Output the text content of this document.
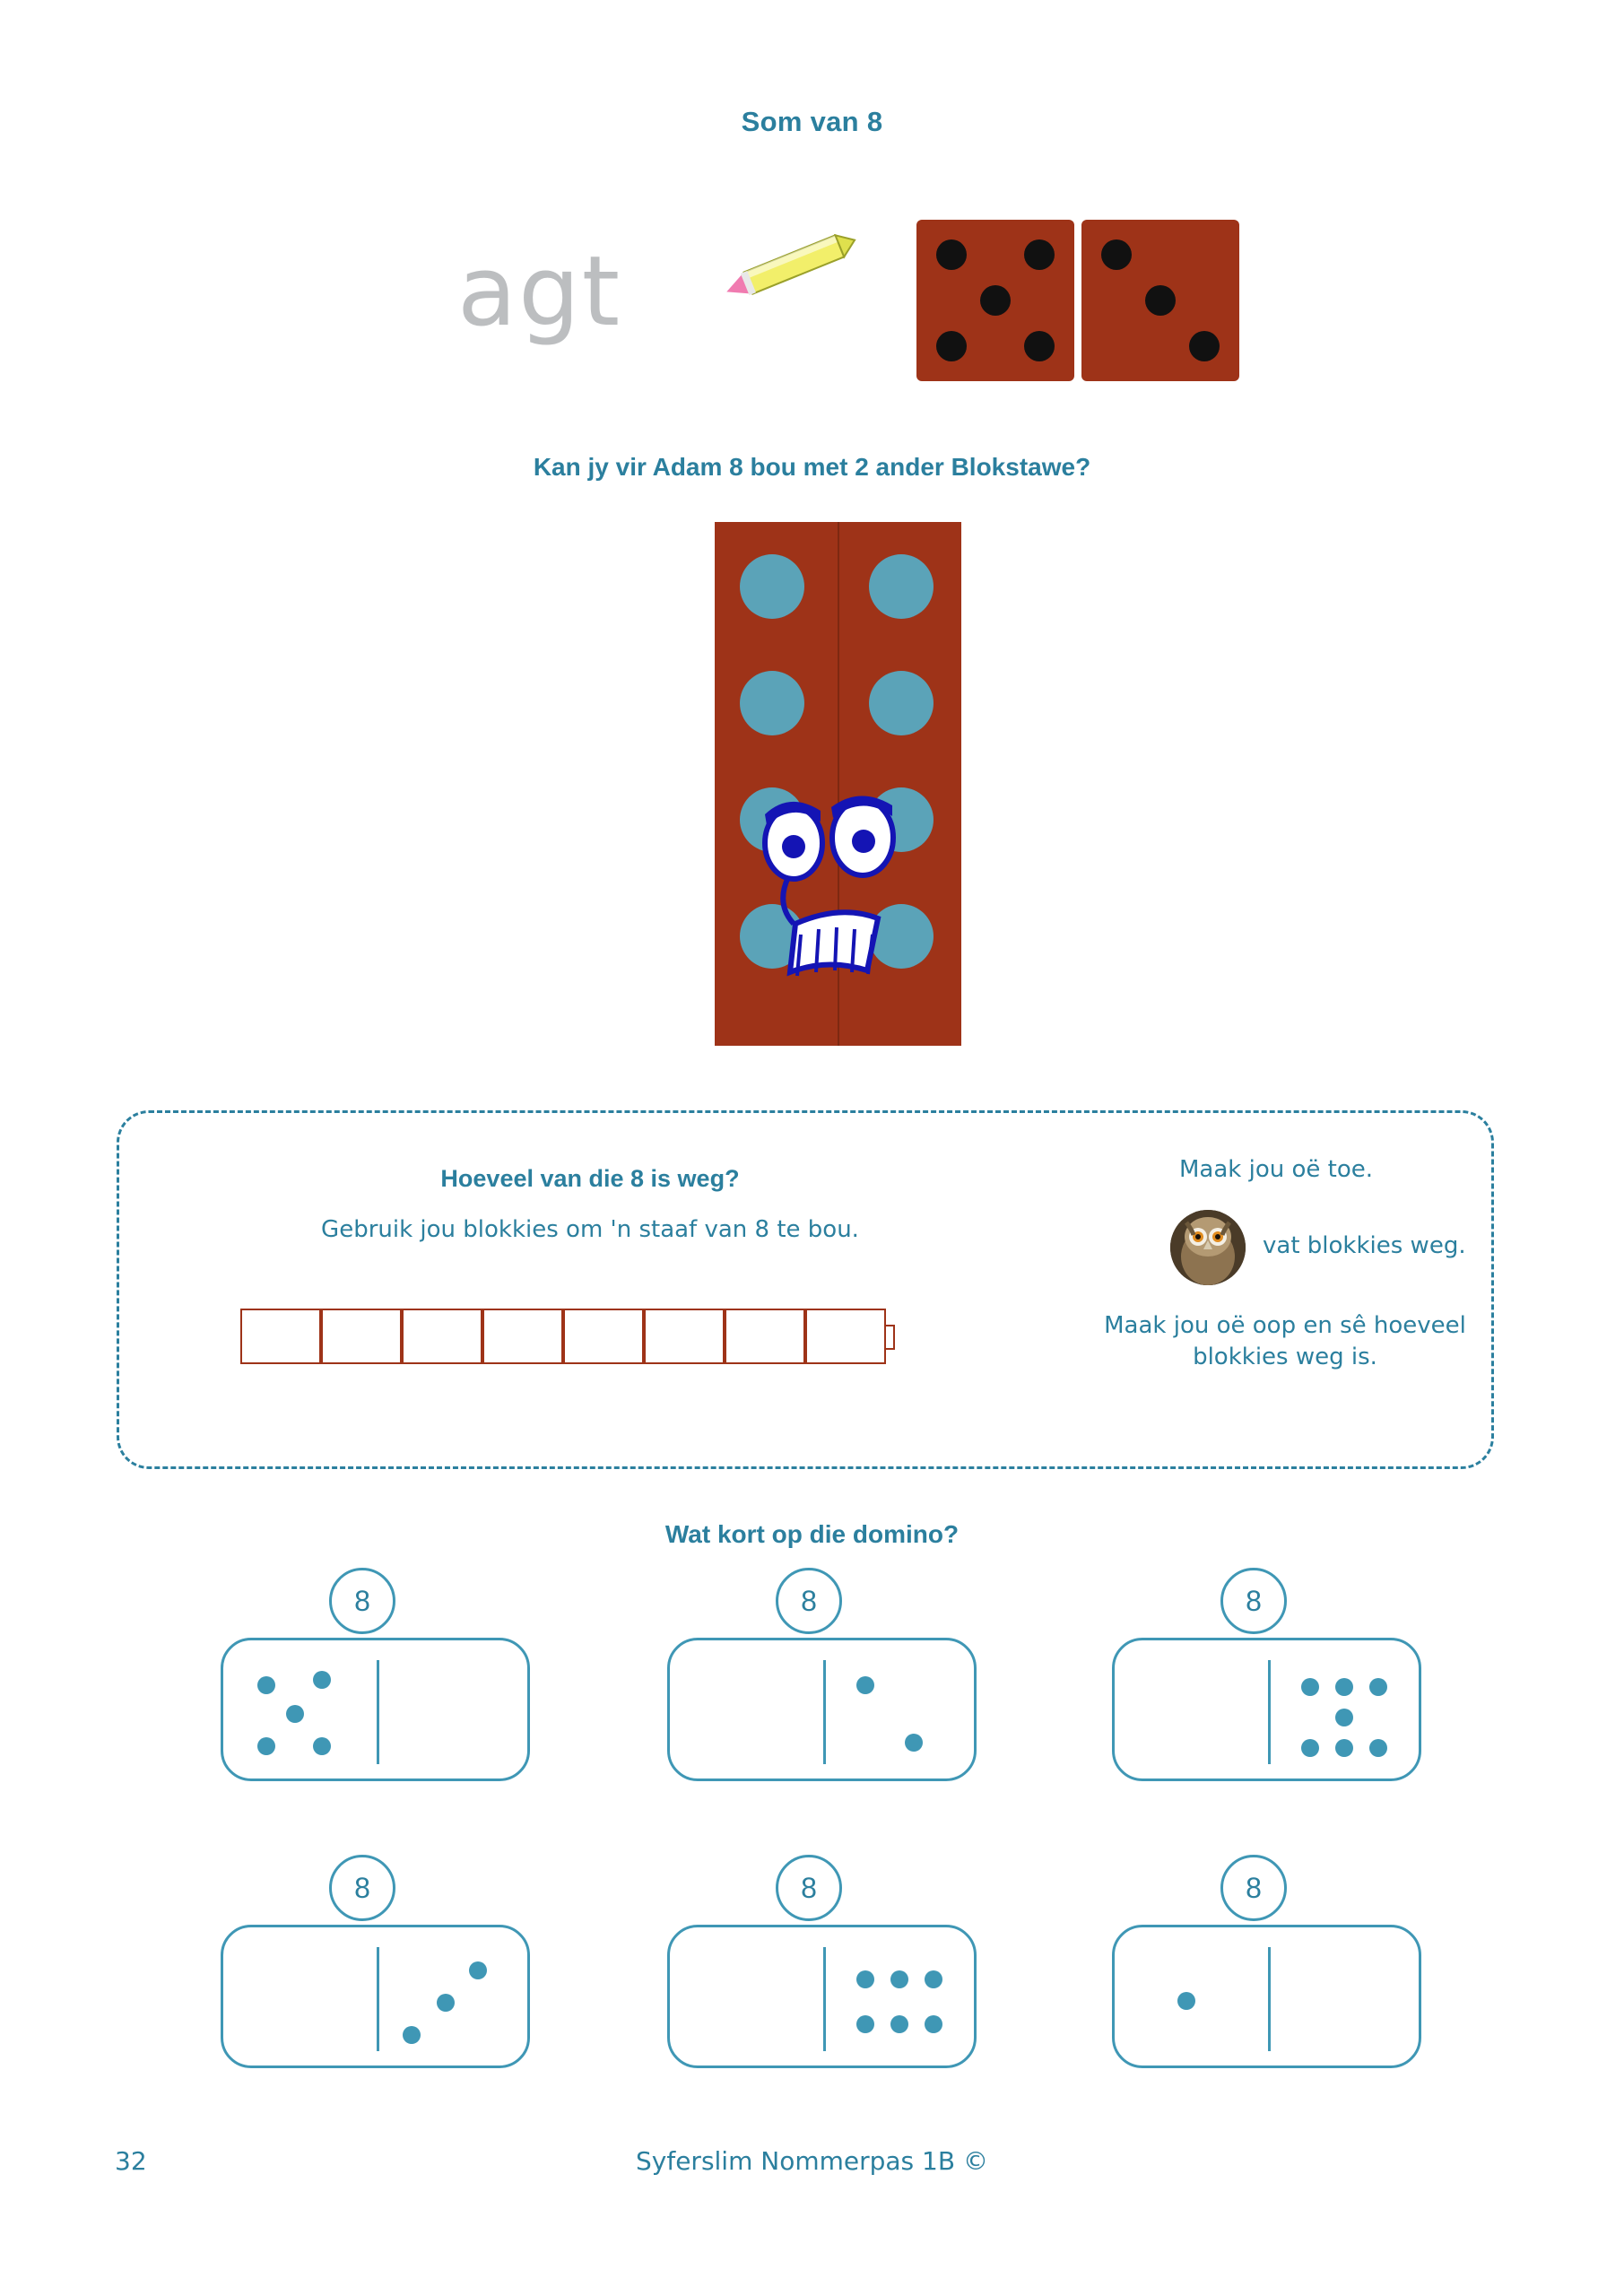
Som van 8
agt
Kan jy vir Adam 8 bou met 2 ander Blokstawe?
Hoeveel van die 8 is weg?
Gebruik jou blokkies om 'n staaf van 8 te bou.
Maak jou oë toe.
vat blokkies weg.
Maak jou oë oop en sê hoeveel blokkies weg is.
Wat kort op die domino?
8	8	8
8	8	8
32	Syferslim Nommerpas 1B ©
